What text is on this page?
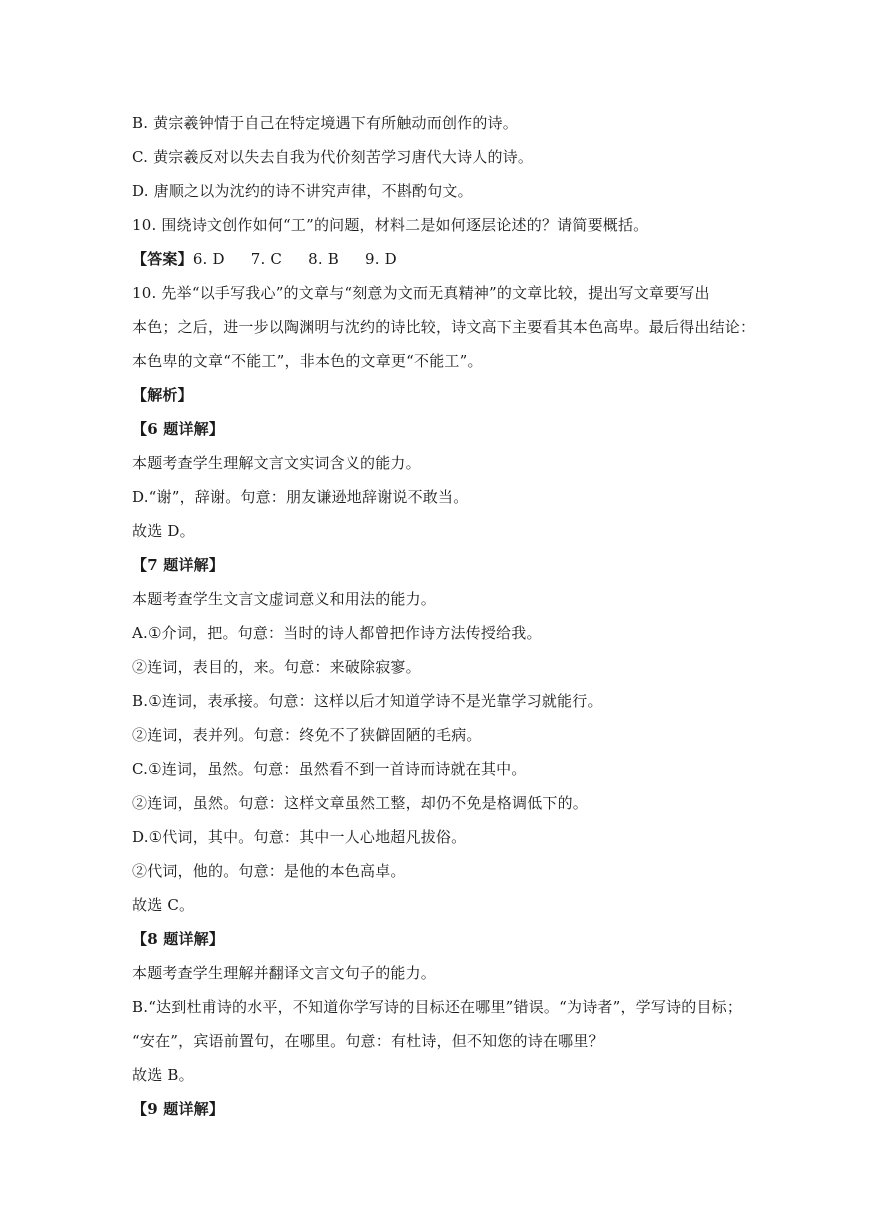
B. 黄宗羲钟情于自己在特定境遇下有所触动而创作的诗。
C. 黄宗羲反对以失去自我为代价刻苦学习唐代大诗人的诗。
D. 唐顺之以为沈约的诗不讲究声律，不斟酌句文。
10. 围绕诗文创作如何“工”的问题，材料二是如何逐层论述的？请简要概括。
【答案】6. D 7. C 8. B 9. D
10. 先举“以手写我心”的文章与“刻意为文而无真精神”的文章比较，提出写文章要写出
本色；之后，进一步以陶渊明与沈约的诗比较，诗文高下主要看其本色高卑。最后得出结论：
本色卑的文章“不能工”，非本色的文章更“不能工”。
【解析】
【6 题详解】
本题考查学生理解文言文实词含义的能力。
D.“谢”，辞谢。句意：朋友谦逊地辞谢说不敢当。
故选 D。
【7 题详解】
本题考查学生文言文虚词意义和用法的能力。
A.①介词，把。句意：当时的诗人都曾把作诗方法传授给我。
②连词，表目的，来。句意：来破除寂寥。
B.①连词，表承接。句意：这样以后才知道学诗不是光靠学习就能行。
②连词，表并列。句意：终免不了狭僻固陋的毛病。
C.①连词，虽然。句意：虽然看不到一首诗而诗就在其中。
②连词，虽然。句意：这样文章虽然工整，却仍不免是格调低下的。
D.①代词，其中。句意：其中一人心地超凡拔俗。
②代词，他的。句意：是他的本色高卓。
故选 C。
【8 题详解】
本题考查学生理解并翻译文言文句子的能力。
B.“达到杜甫诗的水平，不知道你学写诗的目标还在哪里”错误。“为诗者”，学写诗的目标；
“安在”，宾语前置句，在哪里。句意：有杜诗，但不知您的诗在哪里？
故选 B。
【9 题详解】
